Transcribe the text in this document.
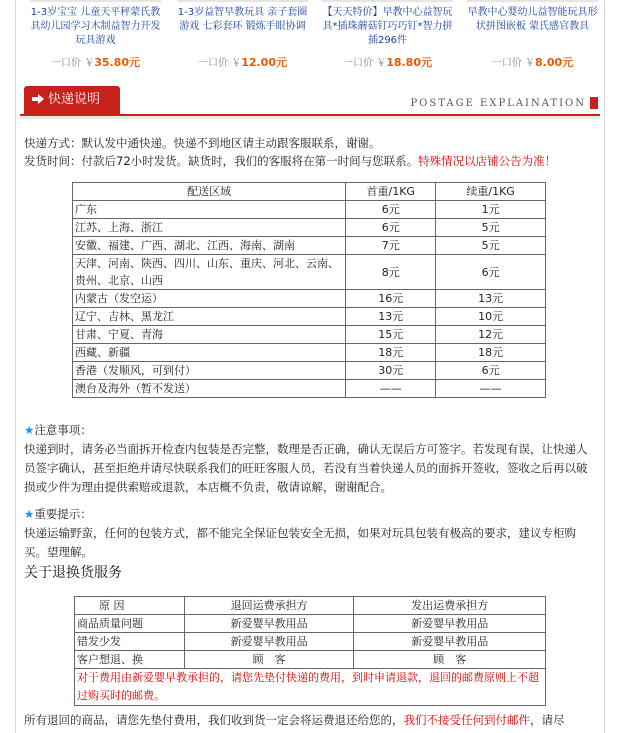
1-3岁宝宝 儿童天平秤蒙氏教具幼儿园学习木制益智力开发玩具游戏
一口价 ￥35.80元
1-3岁益智早教玩具 亲子套圈游戏 七彩套环 锻炼手眼协调
一口价 ￥12.00元
【天天特价】早教中心益智玩具*插珠蘑菇钉巧巧钉*智力拼插296件
一口价 ￥18.80元
早教中心婴幼儿益智能玩具形状拼图嵌板 蒙氏感官教具
一口价 ￥8.00元
快递说明	POSTAGE EXPLAINATION
快递方式：默认发中通快递。快递不到地区请主动跟客服联系，谢谢。
发货时间：付款后72小时发货。缺货时，我们的客服将在第一时间与您联系。特殊情况以店铺公告为准！
配送区域	首重/1KG	续重/1KG
广东	6元	1元
江苏、上海、浙江	6元	5元
安徽、福建、广西、湖北、江西、海南、湖南	7元	5元
天津、河南、陕西、四川、山东、重庆、河北、云南、贵州、北京、山西	8元	6元
内蒙古（发空运）	16元	13元
辽宁、吉林、黑龙江	13元	10元
甘肃、宁夏、青海	15元	12元
西藏、新疆	18元	18元
香港（发顺风，可到付）	30元	6元
澳台及海外（暂不发送）	——	——
★注意事项：
快递到时，请务必当面拆开检查内包装是否完整，数理是否正确，确认无误后方可签字。若发现有误，让快递人员签字确认，甚至拒绝并请尽快联系我们的旺旺客服人员，若没有当着快递人员的面拆开签收，签收之后再以破损或少件为理由提供索赔或退款，本店概不负责，敬请谅解，谢谢配合。
★重要提示：
快递运输野蛮，任何的包装方式，都不能完全保证包装安全无损，如果对玩具包装有极高的要求，建议专柜购买。望理解。
关于退换货服务
原 因	退回运费承担方	发出运费承担方
商品质量问题	新爱婴早教用品	新爱婴早教用品
错发少发	新爱婴早教用品	新爱婴早教用品
客户想退、换	顾　客	顾　客
对于费用由新爱婴早教承担的，请您先垫付快递的费用，到时申请退款，退回的邮费原则上不超过购买时的邮费。		
所有退回的商品，请您先垫付费用，我们收到货一定会将运费退还给您的，我们不接受任何到付邮件，请尽
